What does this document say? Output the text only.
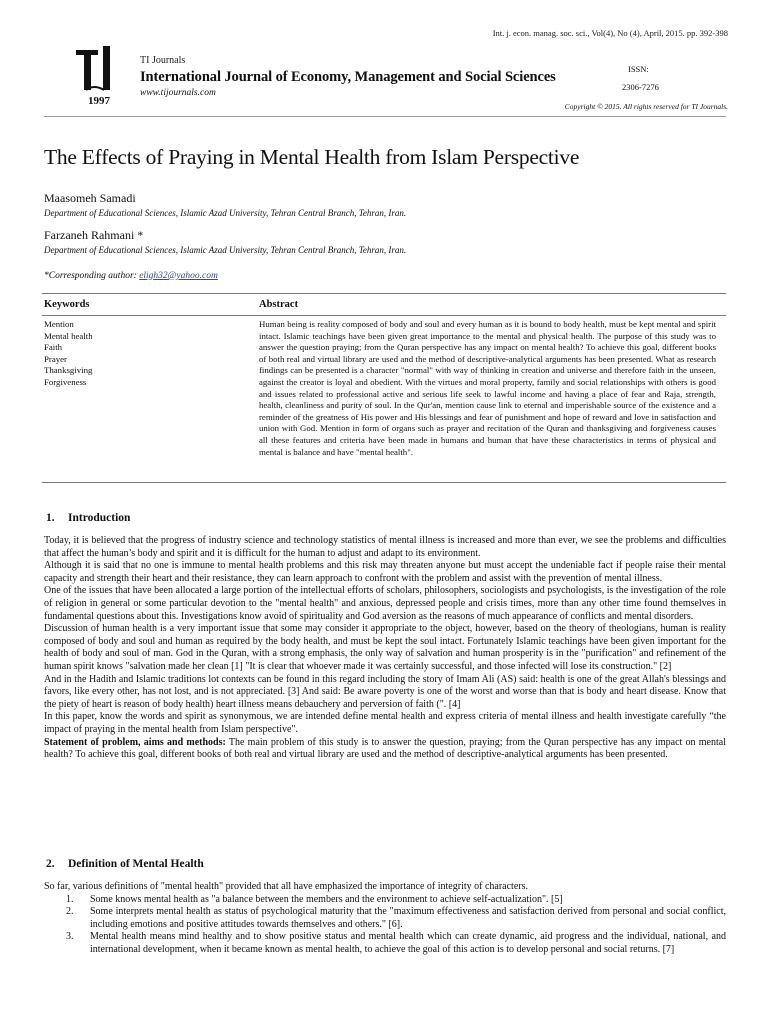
Int. j. econ. manag. soc. sci., Vol(4), No (4), April, 2015. pp. 392-398
1997
TI Journals
International Journal of Economy, Management and Social Sciences
www.tijournals.com
ISSN:
2306-7276
Copyright © 2015. All rights reserved for TI Journals.
The Effects of Praying in Mental Health from Islam Perspective
Maasomeh Samadi
Department of Educational Sciences, Islamic Azad University, Tehran Central Branch, Tehran, Iran.
Farzaneh Rahmani *
Department of Educational Sciences, Islamic Azad University, Tehran Central Branch, Tehran, Iran.
*Corresponding author: eligh32@yahoo.com
Keywords	Abstract
Mention
Mental health
Faith
Prayer
Thanksgiving
Forgiveness

Human being is reality composed of body and soul and every human as it is bound to body health, must be kept mental and spirit intact. Islamic teachings have been given great importance to the mental and physical health. The purpose of this study was to answer the question praying; from the Quran perspective has any impact on mental health? To achieve this goal, different books of both real and virtual library are used and the method of descriptive-analytical arguments has been presented. What as research findings can be presented is a character "normal" with way of thinking in creation and universe and therefore faith in the unseen, against the creator is loyal and obedient. With the virtues and moral property, family and social relationships with others is good and issues related to professional active and serious life seek to lawful income and having a place of fear and Raja, strength, health, cleanliness and purity of soul. In the Qur'an, mention cause link to eternal and imperishable source of the existence and a reminder of the greatness of His power and His blessings and fear of punishment and hope of reward and love in satisfaction and union with God. Mention in form of organs such as prayer and recitation of the Quran and thanksgiving and forgiveness causes all these features and criteria have been made in humans and human that have these characteristics in terms of physical and mental is balance and have "mental health".

1. Introduction

Today, it is believed that the progress of industry science and technology statistics of mental illness is increased and more than ever, we see the problems and difficulties that affect the human’s body and spirit and it is difficult for the human to adjust and adapt to its environment.

Although it is said that no one is immune to mental health problems and this risk may threaten anyone but must accept the undeniable fact if people raise their mental capacity and strength their heart and their resistance, they can learn approach to confront with the problem and assist with the prevention of mental illness.

One of the issues that have been allocated a large portion of the intellectual efforts of scholars, philosophers, sociologists and psychologists, is the investigation of the role of religion in general or some particular devotion to the "mental health" and anxious, depressed people and crisis times, more than any other time found themselves in fundamental questions about this. Investigations know avoid of spirituality and God aversion as the reasons of much appearance of conflicts and mental disorders.

Discussion of human health is a very important issue that some may consider it appropriate to the object, however, based on the theory of theologians, human is reality composed of body and soul and human as required by the body health, and must be kept the soul intact. Fortunately Islamic teachings have been given important for the health of body and soul of man. God in the Quran, with a strong emphasis, the only way of salvation and human prosperity is in the "purification" and refinement of the human spirit knows "salvation made her clean [1] "It is clear that whoever made it was certainly successful, and those infected will lose its construction." [2]

And in the Hadith and Islamic traditions lot contexts can be found in this regard including the story of Imam Ali (AS) said: health is one of the great Allah's blessings and favors, like every other, has not lost, and is not appreciated. [3] And said: Be aware poverty is one of the worst and worse than that is body and heart disease. Know that the piety of heart is reason of body health) heart illness means debauchery and perversion of faith (". [4]

In this paper, know the words and spirit as synonymous, we are intended define mental health and express criteria of mental illness and health investigate carefully “the impact of praying in the mental health from Islam perspective".

Statement of problem, aims and methods: The main problem of this study is to answer the question, praying; from the Quran perspective has any impact on mental health? To achieve this goal, different books of both real and virtual library are used and the method of descriptive-analytical arguments has been presented.

2. Definition of Mental Health

So far, various definitions of "mental health" provided that all have emphasized the importance of integrity of characters.

1. Some knows mental health as "a balance between the members and the environment to achieve self-actualization". [5]
2. Some interprets mental health as status of psychological maturity that the "maximum effectiveness and satisfaction derived from personal and social conflict, including emotions and positive attitudes towards themselves and others." [6].
3. Mental health means mind healthy and to show positive status and mental health which can create dynamic, aid progress and the individual, national, and international development, when it became known as mental health, to achieve the goal of this action is to develop personal and social returns. [7]
